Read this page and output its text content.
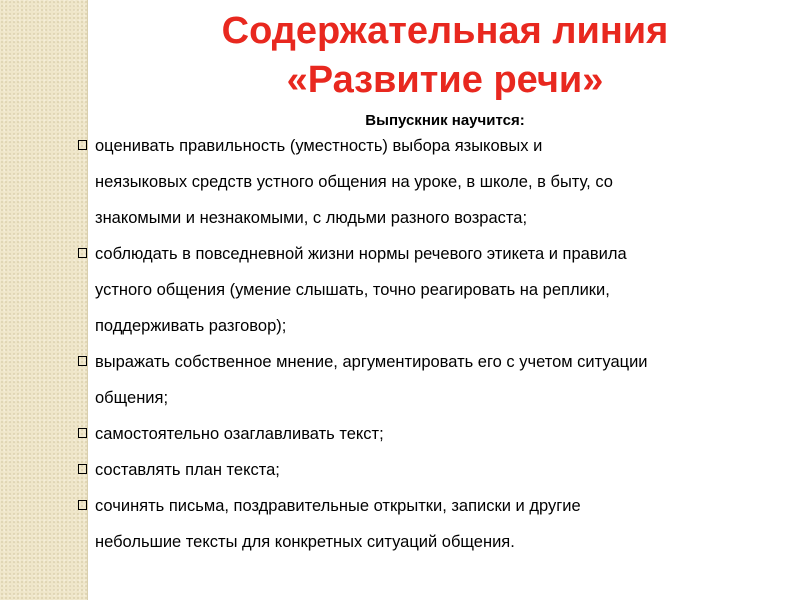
Содержательная линия
«Развитие речи»

Выпускник научится:

оценивать правильность (уместность) выбора языковых и
неязыковых средств устного общения на уроке, в школе, в быту, со
знакомыми и незнакомыми, с людьми разного возраста;
соблюдать в повседневной жизни нормы речевого этикета и правила
устного общения (умение слышать, точно реагировать на реплики,
поддерживать разговор);
выражать собственное мнение, аргументировать его с учетом ситуации
общения;
самостоятельно озаглавливать текст;
составлять план текста;
сочинять письма, поздравительные открытки, записки и другие
небольшие тексты для конкретных ситуаций общения.
